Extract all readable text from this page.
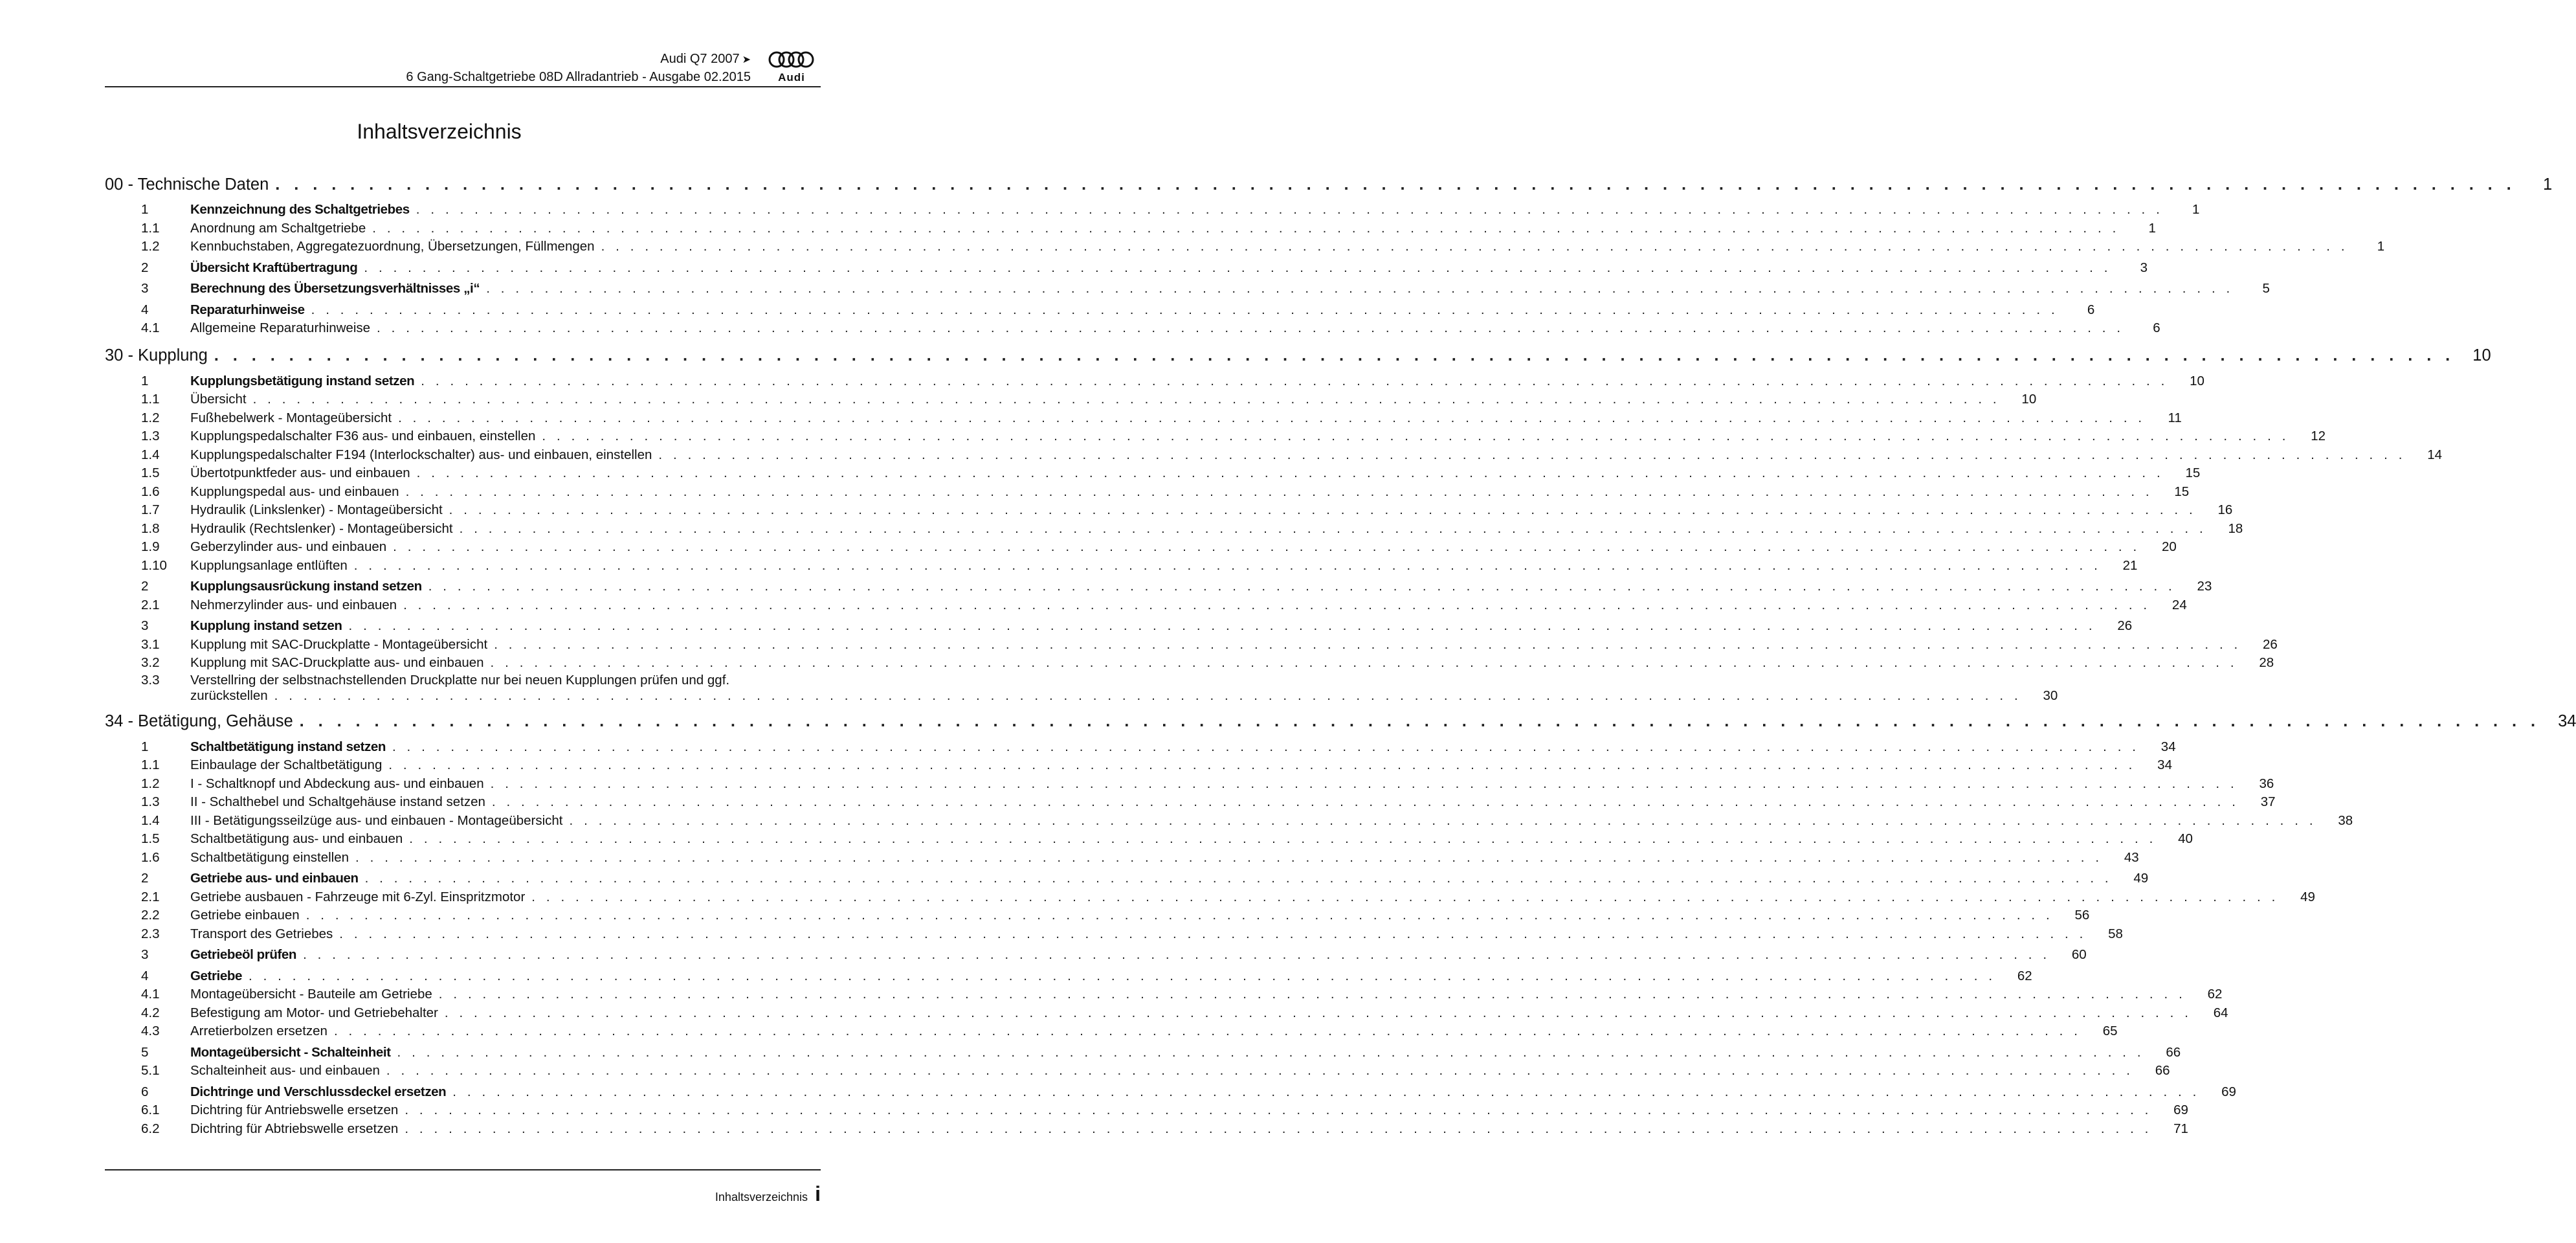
Audi Q7 2007 ➤
6 Gang-Schaltgetriebe 08D Allradantrieb - Ausgabe 02.2015	Audi
Inhaltsverzeichnis
00 - Technische Daten . . . . . . . . . . . . . . . . . . . . . . . . . . . . . . . . . . . . . . . . . . . . . . . . . . . . . . . . . . . . . . . . . . . . . . . . . . . . . . . . . . . . . . . . . . . . . . . . . . . . . . . . . . . . . . . . . . . . . . . .	1
1	Kennzeichnung des Schaltgetriebes . . . . . . . . . . . . . . . . . . . . . . . . . . . . . . . . . . . . . . . . . . . . . . . . . . . . . . . . . . . . . . . . . . . . . . . . . . . . . . . . . . . . . . . . . . . . . . . . . . . . . . . . . . . . . . . . . . . . . . . .	1
1.1	Anordnung am Schaltgetriebe . . . . . . . . . . . . . . . . . . . . . . . . . . . . . . . . . . . . . . . . . . . . . . . . . . . . . . . . . . . . . . . . . . . . . . . . . . . . . . . . . . . . . . . . . . . . . . . . . . . . . . . . . . . . . . . . . . . . . . . .	1
1.2	Kennbuchstaben, Aggregatezuordnung, Übersetzungen, Füllmengen . . . . . . . . . . . . . . . . . . . . . . . . . . . . . . . . . . . . . . . . . . . . . . . . . . . . . . . . . . . . . . . . . . . . . . . . . . . . . . . . . . . . . . . . . . . . . . . . . . . . . . . . . . . . . . . . . . . . . . . .	1
2	Übersicht Kraftübertragung . . . . . . . . . . . . . . . . . . . . . . . . . . . . . . . . . . . . . . . . . . . . . . . . . . . . . . . . . . . . . . . . . . . . . . . . . . . . . . . . . . . . . . . . . . . . . . . . . . . . . . . . . . . . . . . . . . . . . . . .	3
3	Berechnung des Übersetzungsverhältnisses „i“ . . . . . . . . . . . . . . . . . . . . . . . . . . . . . . . . . . . . . . . . . . . . . . . . . . . . . . . . . . . . . . . . . . . . . . . . . . . . . . . . . . . . . . . . . . . . . . . . . . . . . . . . . . . . . . . . . . . . . . . .	5
4	Reparaturhinweise . . . . . . . . . . . . . . . . . . . . . . . . . . . . . . . . . . . . . . . . . . . . . . . . . . . . . . . . . . . . . . . . . . . . . . . . . . . . . . . . . . . . . . . . . . . . . . . . . . . . . . . . . . . . . . . . . . . . . . . .	6
4.1	Allgemeine Reparaturhinweise . . . . . . . . . . . . . . . . . . . . . . . . . . . . . . . . . . . . . . . . . . . . . . . . . . . . . . . . . . . . . . . . . . . . . . . . . . . . . . . . . . . . . . . . . . . . . . . . . . . . . . . . . . . . . . . . . . . . . . . .	6
30 - Kupplung . . . . . . . . . . . . . . . . . . . . . . . . . . . . . . . . . . . . . . . . . . . . . . . . . . . . . . . . . . . . . . . . . . . . . . . . . . . . . . . . . . . . . . . . . . . . . . . . . . . . . . . . . . . . . . . . . . . . . . . .	10
1	Kupplungsbetätigung instand setzen . . . . . . . . . . . . . . . . . . . . . . . . . . . . . . . . . . . . . . . . . . . . . . . . . . . . . . . . . . . . . . . . . . . . . . . . . . . . . . . . . . . . . . . . . . . . . . . . . . . . . . . . . . . . . . . . . . . . . . . .	10
1.1	Übersicht . . . . . . . . . . . . . . . . . . . . . . . . . . . . . . . . . . . . . . . . . . . . . . . . . . . . . . . . . . . . . . . . . . . . . . . . . . . . . . . . . . . . . . . . . . . . . . . . . . . . . . . . . . . . . . . . . . . . . . . .	10
1.2	Fußhebelwerk - Montageübersicht . . . . . . . . . . . . . . . . . . . . . . . . . . . . . . . . . . . . . . . . . . . . . . . . . . . . . . . . . . . . . . . . . . . . . . . . . . . . . . . . . . . . . . . . . . . . . . . . . . . . . . . . . . . . . . . . . . . . . . . .	11
1.3	Kupplungspedalschalter F36 aus- und einbauen, einstellen . . . . . . . . . . . . . . . . . . . . . . . . . . . . . . . . . . . . . . . . . . . . . . . . . . . . . . . . . . . . . . . . . . . . . . . . . . . . . . . . . . . . . . . . . . . . . . . . . . . . . . . . . . . . . . . . . . . . . . . .	12
1.4	Kupplungspedalschalter F194 (Interlockschalter) aus- und einbauen, einstellen . . . . . . . . . . . . . . . . . . . . . . . . . . . . . . . . . . . . . . . . . . . . . . . . . . . . . . . . . . . . . . . . . . . . . . . . . . . . . . . . . . . . . . . . . . . . . . . . . . . . . . . . . . . . . . . . . . . . . . . .	14
1.5	Übertotpunktfeder aus- und einbauen . . . . . . . . . . . . . . . . . . . . . . . . . . . . . . . . . . . . . . . . . . . . . . . . . . . . . . . . . . . . . . . . . . . . . . . . . . . . . . . . . . . . . . . . . . . . . . . . . . . . . . . . . . . . . . . . . . . . . . . .	15
1.6	Kupplungspedal aus- und einbauen . . . . . . . . . . . . . . . . . . . . . . . . . . . . . . . . . . . . . . . . . . . . . . . . . . . . . . . . . . . . . . . . . . . . . . . . . . . . . . . . . . . . . . . . . . . . . . . . . . . . . . . . . . . . . . . . . . . . . . . .	15
1.7	Hydraulik (Linkslenker) - Montageübersicht . . . . . . . . . . . . . . . . . . . . . . . . . . . . . . . . . . . . . . . . . . . . . . . . . . . . . . . . . . . . . . . . . . . . . . . . . . . . . . . . . . . . . . . . . . . . . . . . . . . . . . . . . . . . . . . . . . . . . . . .	16
1.8	Hydraulik (Rechtslenker) - Montageübersicht . . . . . . . . . . . . . . . . . . . . . . . . . . . . . . . . . . . . . . . . . . . . . . . . . . . . . . . . . . . . . . . . . . . . . . . . . . . . . . . . . . . . . . . . . . . . . . . . . . . . . . . . . . . . . . . . . . . . . . . .	18
1.9	Geberzylinder aus- und einbauen . . . . . . . . . . . . . . . . . . . . . . . . . . . . . . . . . . . . . . . . . . . . . . . . . . . . . . . . . . . . . . . . . . . . . . . . . . . . . . . . . . . . . . . . . . . . . . . . . . . . . . . . . . . . . . . . . . . . . . . .	20
1.10	Kupplungsanlage entlüften . . . . . . . . . . . . . . . . . . . . . . . . . . . . . . . . . . . . . . . . . . . . . . . . . . . . . . . . . . . . . . . . . . . . . . . . . . . . . . . . . . . . . . . . . . . . . . . . . . . . . . . . . . . . . . . . . . . . . . . .	21
2	Kupplungsausrückung instand setzen . . . . . . . . . . . . . . . . . . . . . . . . . . . . . . . . . . . . . . . . . . . . . . . . . . . . . . . . . . . . . . . . . . . . . . . . . . . . . . . . . . . . . . . . . . . . . . . . . . . . . . . . . . . . . . . . . . . . . . . .	23
2.1	Nehmerzylinder aus- und einbauen . . . . . . . . . . . . . . . . . . . . . . . . . . . . . . . . . . . . . . . . . . . . . . . . . . . . . . . . . . . . . . . . . . . . . . . . . . . . . . . . . . . . . . . . . . . . . . . . . . . . . . . . . . . . . . . . . . . . . . . .	24
3	Kupplung instand setzen . . . . . . . . . . . . . . . . . . . . . . . . . . . . . . . . . . . . . . . . . . . . . . . . . . . . . . . . . . . . . . . . . . . . . . . . . . . . . . . . . . . . . . . . . . . . . . . . . . . . . . . . . . . . . . . . . . . . . . . .	26
3.1	Kupplung mit SAC-Druckplatte - Montageübersicht . . . . . . . . . . . . . . . . . . . . . . . . . . . . . . . . . . . . . . . . . . . . . . . . . . . . . . . . . . . . . . . . . . . . . . . . . . . . . . . . . . . . . . . . . . . . . . . . . . . . . . . . . . . . . . . . . . . . . . . .	26
3.2	Kupplung mit SAC-Druckplatte aus- und einbauen . . . . . . . . . . . . . . . . . . . . . . . . . . . . . . . . . . . . . . . . . . . . . . . . . . . . . . . . . . . . . . . . . . . . . . . . . . . . . . . . . . . . . . . . . . . . . . . . . . . . . . . . . . . . . . . . . . . . . . . .	28
3.3	Verstellring der selbstnachstellenden Druckplatte nur bei neuen Kupplungen prüfen und ggf.
zurückstellen . . . . . . . . . . . . . . . . . . . . . . . . . . . . . . . . . . . . . . . . . . . . . . . . . . . . . . . . . . . . . . . . . . . . . . . . . . . . . . . . . . . . . . . . . . . . . . . . . . . . . . . . . . . . . . . . . . . . . . . .	30
34 - Betätigung, Gehäuse . . . . . . . . . . . . . . . . . . . . . . . . . . . . . . . . . . . . . . . . . . . . . . . . . . . . . . . . . . . . . . . . . . . . . . . . . . . . . . . . . . . . . . . . . . . . . . . . . . . . . . . . . . . . . . . . . . . . . . . .	34
1	Schaltbetätigung instand setzen . . . . . . . . . . . . . . . . . . . . . . . . . . . . . . . . . . . . . . . . . . . . . . . . . . . . . . . . . . . . . . . . . . . . . . . . . . . . . . . . . . . . . . . . . . . . . . . . . . . . . . . . . . . . . . . . . . . . . . . .	34
1.1	Einbaulage der Schaltbetätigung . . . . . . . . . . . . . . . . . . . . . . . . . . . . . . . . . . . . . . . . . . . . . . . . . . . . . . . . . . . . . . . . . . . . . . . . . . . . . . . . . . . . . . . . . . . . . . . . . . . . . . . . . . . . . . . . . . . . . . . .	34
1.2	I - Schaltknopf und Abdeckung aus- und einbauen . . . . . . . . . . . . . . . . . . . . . . . . . . . . . . . . . . . . . . . . . . . . . . . . . . . . . . . . . . . . . . . . . . . . . . . . . . . . . . . . . . . . . . . . . . . . . . . . . . . . . . . . . . . . . . . . . . . . . . . .	36
1.3	II - Schalthebel und Schaltgehäuse instand setzen . . . . . . . . . . . . . . . . . . . . . . . . . . . . . . . . . . . . . . . . . . . . . . . . . . . . . . . . . . . . . . . . . . . . . . . . . . . . . . . . . . . . . . . . . . . . . . . . . . . . . . . . . . . . . . . . . . . . . . . .	37
1.4	III - Betätigungsseilzüge aus- und einbauen - Montageübersicht . . . . . . . . . . . . . . . . . . . . . . . . . . . . . . . . . . . . . . . . . . . . . . . . . . . . . . . . . . . . . . . . . . . . . . . . . . . . . . . . . . . . . . . . . . . . . . . . . . . . . . . . . . . . . . . . . . . . . . . .	38
1.5	Schaltbetätigung aus- und einbauen . . . . . . . . . . . . . . . . . . . . . . . . . . . . . . . . . . . . . . . . . . . . . . . . . . . . . . . . . . . . . . . . . . . . . . . . . . . . . . . . . . . . . . . . . . . . . . . . . . . . . . . . . . . . . . . . . . . . . . . .	40
1.6	Schaltbetätigung einstellen . . . . . . . . . . . . . . . . . . . . . . . . . . . . . . . . . . . . . . . . . . . . . . . . . . . . . . . . . . . . . . . . . . . . . . . . . . . . . . . . . . . . . . . . . . . . . . . . . . . . . . . . . . . . . . . . . . . . . . . .	43
2	Getriebe aus- und einbauen . . . . . . . . . . . . . . . . . . . . . . . . . . . . . . . . . . . . . . . . . . . . . . . . . . . . . . . . . . . . . . . . . . . . . . . . . . . . . . . . . . . . . . . . . . . . . . . . . . . . . . . . . . . . . . . . . . . . . . . .	49
2.1	Getriebe ausbauen - Fahrzeuge mit 6-Zyl. Einspritzmotor . . . . . . . . . . . . . . . . . . . . . . . . . . . . . . . . . . . . . . . . . . . . . . . . . . . . . . . . . . . . . . . . . . . . . . . . . . . . . . . . . . . . . . . . . . . . . . . . . . . . . . . . . . . . . . . . . . . . . . . .	49
2.2	Getriebe einbauen . . . . . . . . . . . . . . . . . . . . . . . . . . . . . . . . . . . . . . . . . . . . . . . . . . . . . . . . . . . . . . . . . . . . . . . . . . . . . . . . . . . . . . . . . . . . . . . . . . . . . . . . . . . . . . . . . . . . . . . .	56
2.3	Transport des Getriebes . . . . . . . . . . . . . . . . . . . . . . . . . . . . . . . . . . . . . . . . . . . . . . . . . . . . . . . . . . . . . . . . . . . . . . . . . . . . . . . . . . . . . . . . . . . . . . . . . . . . . . . . . . . . . . . . . . . . . . . .	58
3	Getriebeöl prüfen . . . . . . . . . . . . . . . . . . . . . . . . . . . . . . . . . . . . . . . . . . . . . . . . . . . . . . . . . . . . . . . . . . . . . . . . . . . . . . . . . . . . . . . . . . . . . . . . . . . . . . . . . . . . . . . . . . . . . . . .	60
4	Getriebe . . . . . . . . . . . . . . . . . . . . . . . . . . . . . . . . . . . . . . . . . . . . . . . . . . . . . . . . . . . . . . . . . . . . . . . . . . . . . . . . . . . . . . . . . . . . . . . . . . . . . . . . . . . . . . . . . . . . . . . .	62
4.1	Montageübersicht - Bauteile am Getriebe . . . . . . . . . . . . . . . . . . . . . . . . . . . . . . . . . . . . . . . . . . . . . . . . . . . . . . . . . . . . . . . . . . . . . . . . . . . . . . . . . . . . . . . . . . . . . . . . . . . . . . . . . . . . . . . . . . . . . . . .	62
4.2	Befestigung am Motor- und Getriebehalter . . . . . . . . . . . . . . . . . . . . . . . . . . . . . . . . . . . . . . . . . . . . . . . . . . . . . . . . . . . . . . . . . . . . . . . . . . . . . . . . . . . . . . . . . . . . . . . . . . . . . . . . . . . . . . . . . . . . . . . .	64
4.3	Arretierbolzen ersetzen . . . . . . . . . . . . . . . . . . . . . . . . . . . . . . . . . . . . . . . . . . . . . . . . . . . . . . . . . . . . . . . . . . . . . . . . . . . . . . . . . . . . . . . . . . . . . . . . . . . . . . . . . . . . . . . . . . . . . . . .	65
5	Montageübersicht - Schalteinheit . . . . . . . . . . . . . . . . . . . . . . . . . . . . . . . . . . . . . . . . . . . . . . . . . . . . . . . . . . . . . . . . . . . . . . . . . . . . . . . . . . . . . . . . . . . . . . . . . . . . . . . . . . . . . . . . . . . . . . . .	66
5.1	Schalteinheit aus- und einbauen . . . . . . . . . . . . . . . . . . . . . . . . . . . . . . . . . . . . . . . . . . . . . . . . . . . . . . . . . . . . . . . . . . . . . . . . . . . . . . . . . . . . . . . . . . . . . . . . . . . . . . . . . . . . . . . . . . . . . . . .	66
6	Dichtringe und Verschlussdeckel ersetzen . . . . . . . . . . . . . . . . . . . . . . . . . . . . . . . . . . . . . . . . . . . . . . . . . . . . . . . . . . . . . . . . . . . . . . . . . . . . . . . . . . . . . . . . . . . . . . . . . . . . . . . . . . . . . . . . . . . . . . . .	69
6.1	Dichtring für Antriebswelle ersetzen . . . . . . . . . . . . . . . . . . . . . . . . . . . . . . . . . . . . . . . . . . . . . . . . . . . . . . . . . . . . . . . . . . . . . . . . . . . . . . . . . . . . . . . . . . . . . . . . . . . . . . . . . . . . . . . . . . . . . . . .	69
6.2	Dichtring für Abtriebswelle ersetzen . . . . . . . . . . . . . . . . . . . . . . . . . . . . . . . . . . . . . . . . . . . . . . . . . . . . . . . . . . . . . . . . . . . . . . . . . . . . . . . . . . . . . . . . . . . . . . . . . . . . . . . . . . . . . . . . . . . . . . . .	71
Inhaltsverzeichnis i
